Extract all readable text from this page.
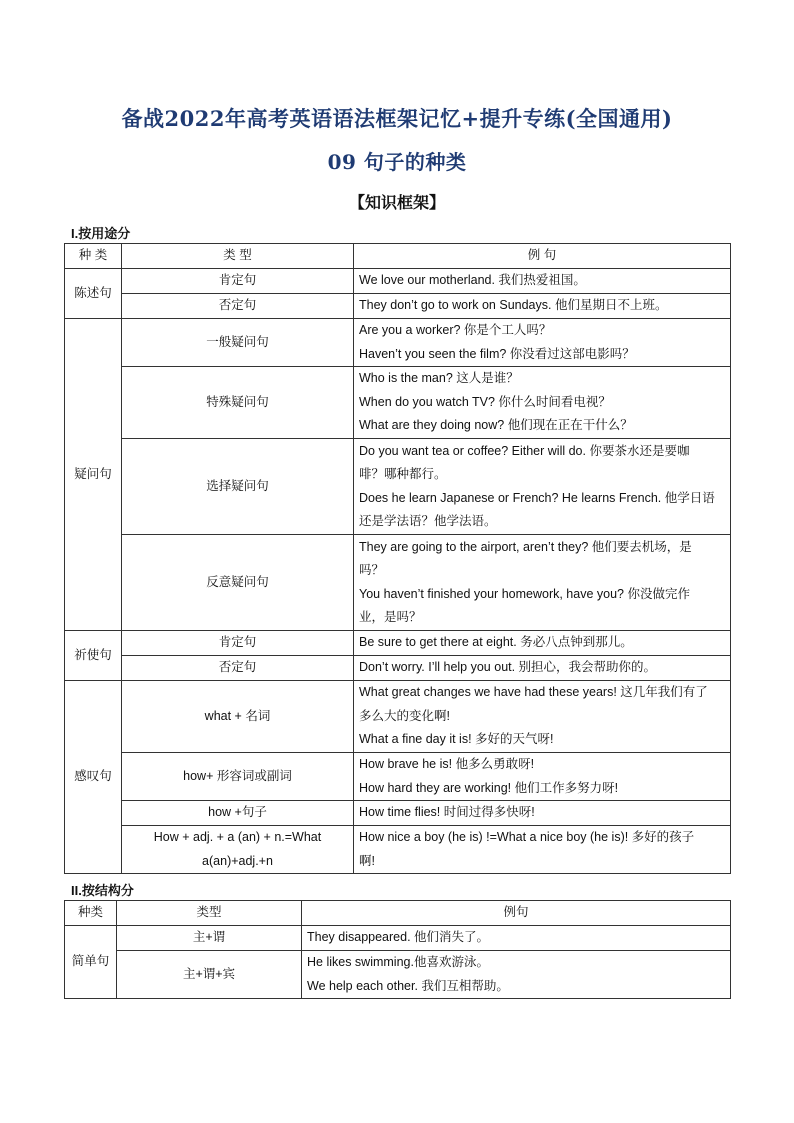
备战2022年高考英语语法框架记忆+提升专练(全国通用)
09 句子的种类
【知识框架】
I.按用途分
种 类	类 型	例 句
陈述句	肯定句	We love our motherland. 我们热爱祖国。

	否定句	They don’t go to work on Sundays. 他们星期日不上班。

疑问句	一般疑问句	Are you a worker? 你是个工人吗？
Haven’t you seen the film? 你没看过这部电影吗？

	特殊疑问句	Who is the man? 这人是谁？
When do you watch TV? 你什么时间看电视？
What are they doing now? 他们现在正在干什么？

	选择疑问句	Do you want tea or coffee? Either will do. 你要茶水还是要咖
啡？哪种都行。
Does he learn Japanese or French? He learns French. 他学日语
还是学法语？他学法语。

	反意疑问句	They are going to the airport, aren’t they? 他们要去机场，是
吗？
You haven’t finished your homework, have you? 你没做完作
业，是吗？

祈使句	肯定句	Be sure to get there at eight. 务必八点钟到那儿。

	否定句	Don’t worry. I’ll help you out. 别担心，我会帮助你的。

感叹句	what + 名词	What great changes we have had these years! 这几年我们有了
多么大的变化啊!
What a fine day it is! 多好的天气呀!

	how+ 形容词或副词	How brave he is! 他多么勇敢呀!
How hard they are working! 他们工作多努力呀!

	how +句子	How time flies! 时间过得多快呀!

	How + adj. + a (an) + n.=What a(an)+adj.+n	How nice a boy (he is) !=What a nice boy (he is)! 多好的孩子
啊!
II.按结构分
种类	类型	例句
简单句	主+谓	They disappeared. 他们消失了。

	主+谓+宾	He likes swimming.他喜欢游泳。
We help each other. 我们互相帮助。
